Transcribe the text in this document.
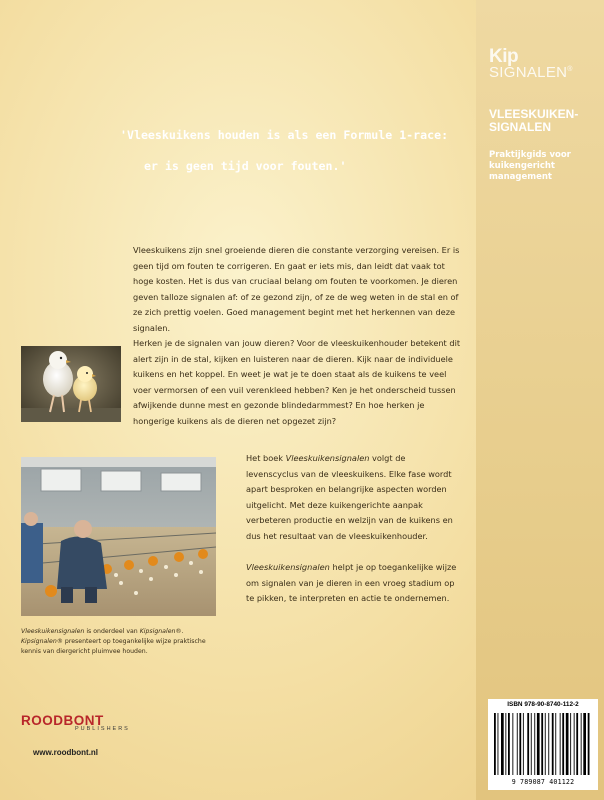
Kip
SIGNALEN®
VLEESKUIKEN-
SIGNALEN
Praktijkgids voor
kuikengericht
management
'Vleeskuikens houden is als een Formule 1-race:
er is geen tijd voor fouten.'

Vleeskuikens zijn snel groeiende dieren die constante verzorging vereisen. Er is geen tijd om fouten te corrigeren. En gaat er iets mis, dan leidt dat vaak tot hoge kosten. Het is dus van cruciaal belang om fouten te voorkomen. Je dieren geven talloze signalen af: of ze gezond zijn, of ze de weg weten in de stal en of ze zich prettig voelen. Goed management begint met het herkennen van deze signalen.

Herken je de signalen van jouw dieren? Voor de vleeskuikenhouder betekent dit alert zijn in de stal, kijken en luisteren naar de dieren. Kijk naar de individuele kuikens en het koppel. En weet je wat je te doen staat als de kuikens te veel voer vermorsen of een vuil verenkleed hebben? Ken je het onderscheid tussen afwijkende dunne mest en gezonde blindedarmmest? En hoe herken je hongerige kuikens als de dieren net opgezet zijn?

Het boek Vleeskuikensignalen volgt de levenscyclus van de vleeskuikens. Elke fase wordt apart besproken en belangrijke aspecten worden uitgelicht. Met deze kuikengerichte aanpak verbeteren productie en welzijn van de kuikens en dus het resultaat van de vleeskuikenhouder.

Vleeskuikensignalen helpt je op toegankelijke wijze om signalen van je dieren in een vroeg stadium op te pikken, te interpreten en actie te ondernemen.

Vleeskuikensignalen is onderdeel van Kipsignalen®. Kipsignalen® presenteert op toegankelijke wijze praktische kennis van diergericht pluimvee houden.
ROODBONT
PUBLISHERS
www.roodbont.nl
ISBN 978-90-8740-112-2
9 789087 401122
